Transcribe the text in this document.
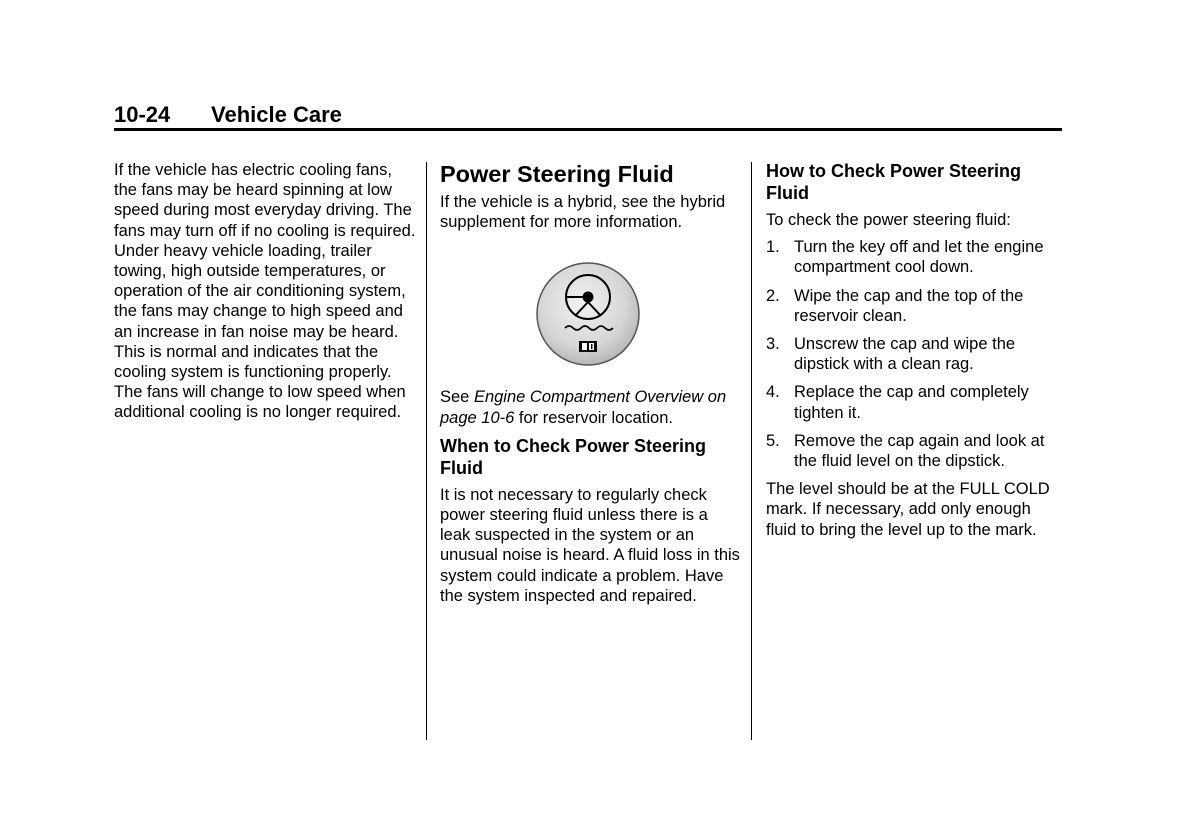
10-24 Vehicle Care

If the vehicle has electric cooling fans, the fans may be heard spinning at low speed during most everyday driving. The fans may turn off if no cooling is required. Under heavy vehicle loading, trailer towing, high outside temperatures, or operation of the air conditioning system, the fans may change to high speed and an increase in fan noise may be heard. This is normal and indicates that the cooling system is functioning properly. The fans will change to low speed when additional cooling is no longer required.

Power Steering Fluid

If the vehicle is a hybrid, see the hybrid supplement for more information.

See Engine Compartment Overview on page 10-6 for reservoir location.

When to Check Power Steering Fluid

It is not necessary to regularly check power steering fluid unless there is a leak suspected in the system or an unusual noise is heard. A fluid loss in this system could indicate a problem. Have the system inspected and repaired.

How to Check Power Steering Fluid

To check the power steering fluid:

1. Turn the key off and let the engine compartment cool down.
2. Wipe the cap and the top of the reservoir clean.
3. Unscrew the cap and wipe the dipstick with a clean rag.
4. Replace the cap and completely tighten it.
5. Remove the cap again and look at the fluid level on the dipstick.

The level should be at the FULL COLD mark. If necessary, add only enough fluid to bring the level up to the mark.
